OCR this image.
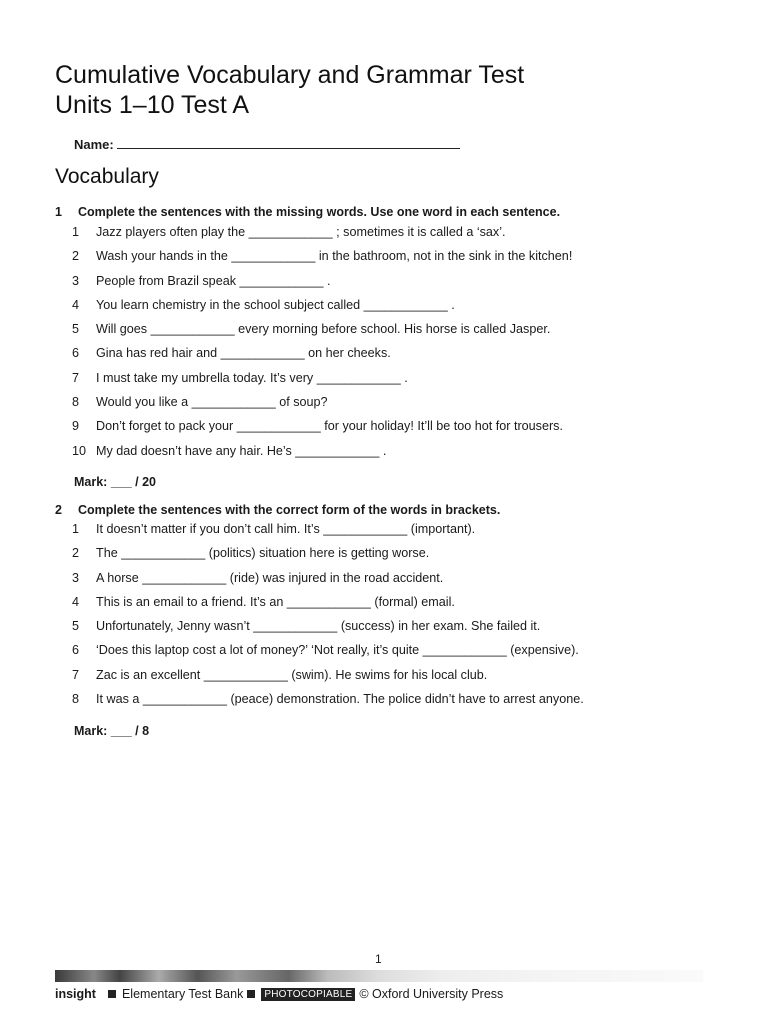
Cumulative Vocabulary and Grammar Test
Units 1–10 Test A
Name:
Vocabulary
1 Complete the sentences with the missing words. Use one word in each sentence.
1 Jazz players often play the ____________ ; sometimes it is called a ‘sax’.
2 Wash your hands in the ____________ in the bathroom, not in the sink in the kitchen!
3 People from Brazil speak ____________ .
4 You learn chemistry in the school subject called ____________ .
5 Will goes ____________ every morning before school. His horse is called Jasper.
6 Gina has red hair and ____________ on her cheeks.
7 I must take my umbrella today. It’s very ____________ .
8 Would you like a ____________ of soup?
9 Don’t forget to pack your ____________ for your holiday! It’ll be too hot for trousers.
10 My dad doesn’t have any hair. He’s ____________ .
Mark: ___ / 20
2 Complete the sentences with the correct form of the words in brackets.
1 It doesn’t matter if you don’t call him. It’s ____________ (important).
2 The ____________ (politics) situation here is getting worse.
3 A horse ____________ (ride) was injured in the road accident.
4 This is an email to a friend. It’s an ____________ (formal) email.
5 Unfortunately, Jenny wasn’t ____________ (success) in her exam. She failed it.
6 ‘Does this laptop cost a lot of money?’ ‘Not really, it’s quite ____________ (expensive).
7 Zac is an excellent ____________ (swim). He swims for his local club.
8 It was a ____________ (peace) demonstration. The police didn’t have to arrest anyone.
Mark: ___ / 8
1
insight Elementary Test Bank	PHOTOCOPIABLE © Oxford University Press
